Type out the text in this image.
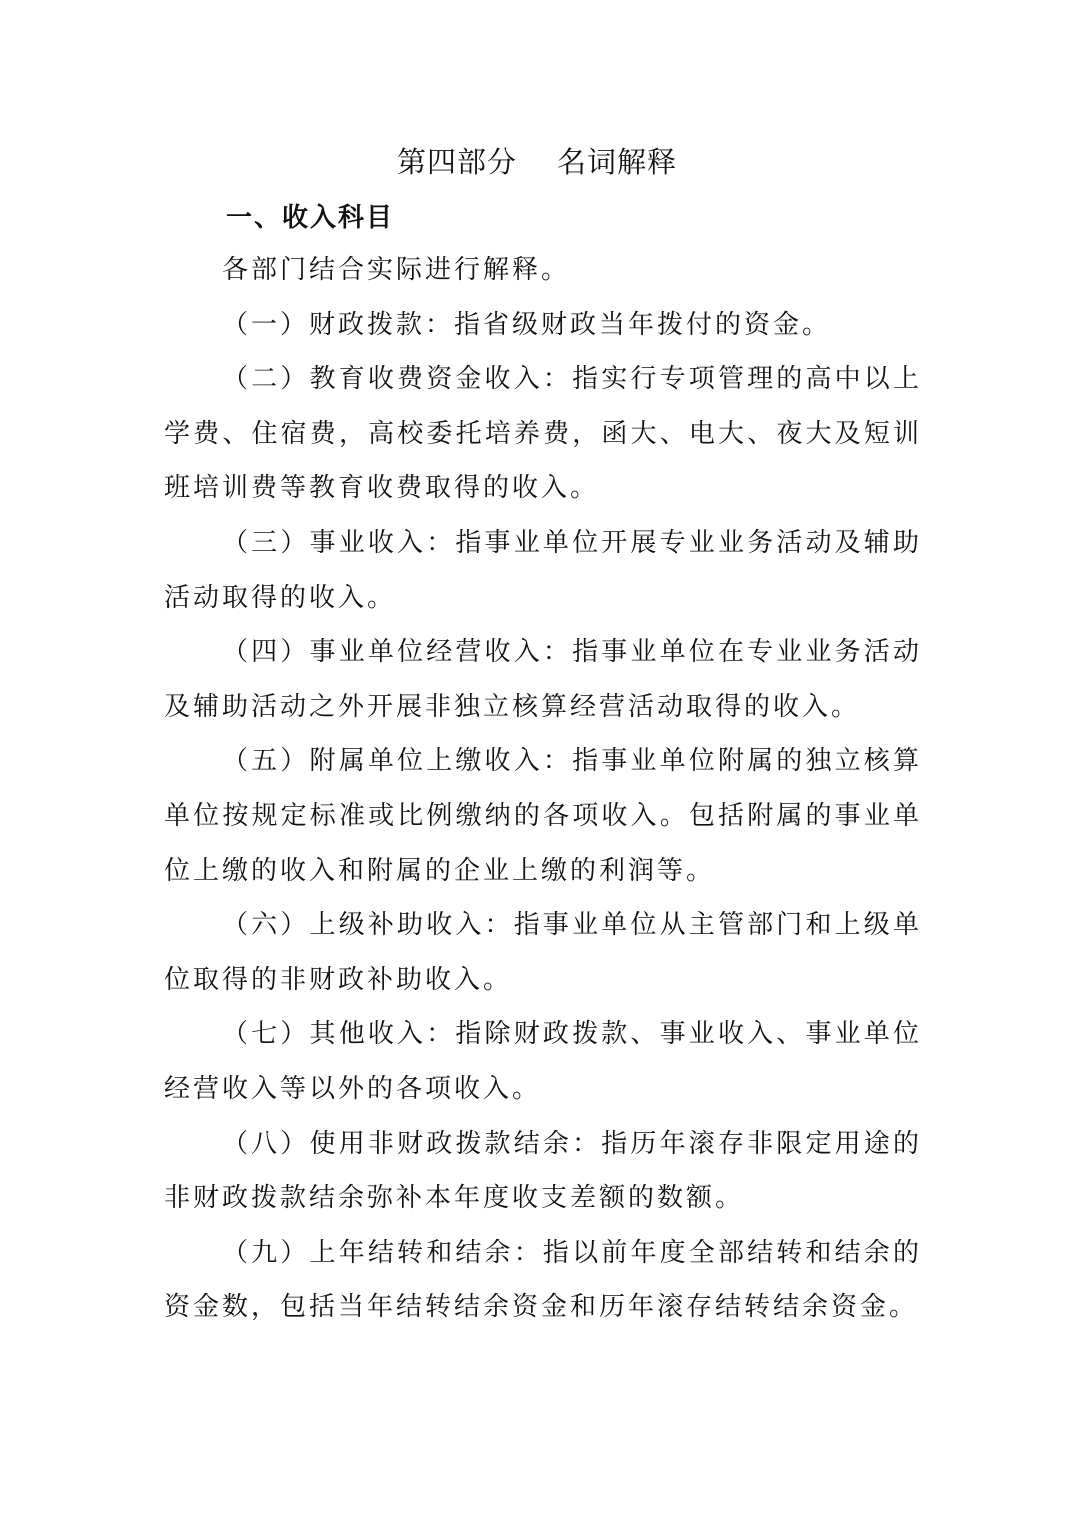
第四部分 名词解释
一、收入科目

各部门结合实际进行解释。

（一）财政拨款：指省级财政当年拨付的资金。

（二）教育收费资金收入：指实行专项管理的高中以上学费、住宿费，高校委托培养费，函大、电大、夜大及短训班培训费等教育收费取得的收入。

（三）事业收入：指事业单位开展专业业务活动及辅助活动取得的收入。

（四）事业单位经营收入：指事业单位在专业业务活动及辅助活动之外开展非独立核算经营活动取得的收入。

（五）附属单位上缴收入：指事业单位附属的独立核算单位按规定标准或比例缴纳的各项收入。包括附属的事业单位上缴的收入和附属的企业上缴的利润等。

（六）上级补助收入：指事业单位从主管部门和上级单位取得的非财政补助收入。

（七）其他收入：指除财政拨款、事业收入、事业单位经营收入等以外的各项收入。

（八）使用非财政拨款结余：指历年滚存非限定用途的非财政拨款结余弥补本年度收支差额的数额。

（九）上年结转和结余：指以前年度全部结转和结余的资金数，包括当年结转结余资金和历年滚存结转结余资金。
